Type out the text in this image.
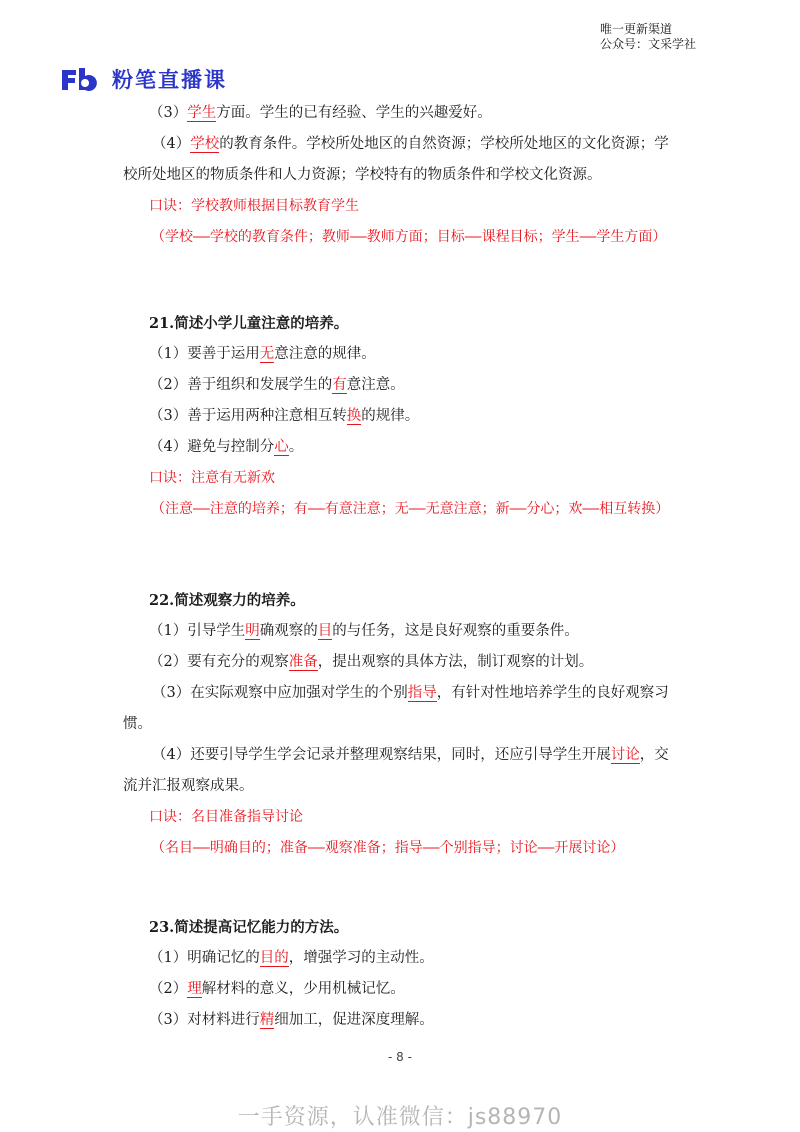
唯一更新渠道
公众号：文采学社
粉笔直播课
（3）学生方面。学生的已有经验、学生的兴趣爱好。
（4）学校的教育条件。学校所处地区的自然资源；学校所处地区的文化资源；学校所处地区的物质条件和人力资源；学校特有的物质条件和学校文化资源。
口诀：学校教师根据目标教育学生
（学校——学校的教育条件；教师——教师方面；目标——课程目标；学生——学生方面）
21.简述小学儿童注意的培养。
（1）要善于运用无意注意的规律。
（2）善于组织和发展学生的有意注意。
（3）善于运用两种注意相互转换的规律。
（4）避免与控制分心。
口诀：注意有无新欢
（注意——注意的培养；有——有意注意；无——无意注意；新——分心；欢——相互转换）
22.简述观察力的培养。
（1）引导学生明确观察的目的与任务，这是良好观察的重要条件。
（2）要有充分的观察准备，提出观察的具体方法，制订观察的计划。
（3）在实际观察中应加强对学生的个别指导，有针对性地培养学生的良好观察习惯。
（4）还要引导学生学会记录并整理观察结果，同时，还应引导学生开展讨论，交流并汇报观察成果。
口诀：名目准备指导讨论
（名目——明确目的；准备——观察准备；指导——个别指导；讨论——开展讨论）
23.简述提高记忆能力的方法。
（1）明确记忆的目的，增强学习的主动性。
（2）理解材料的意义，少用机械记忆。
（3）对材料进行精细加工，促进深度理解。
- 8 -
一手资源，认准微信：js88970
